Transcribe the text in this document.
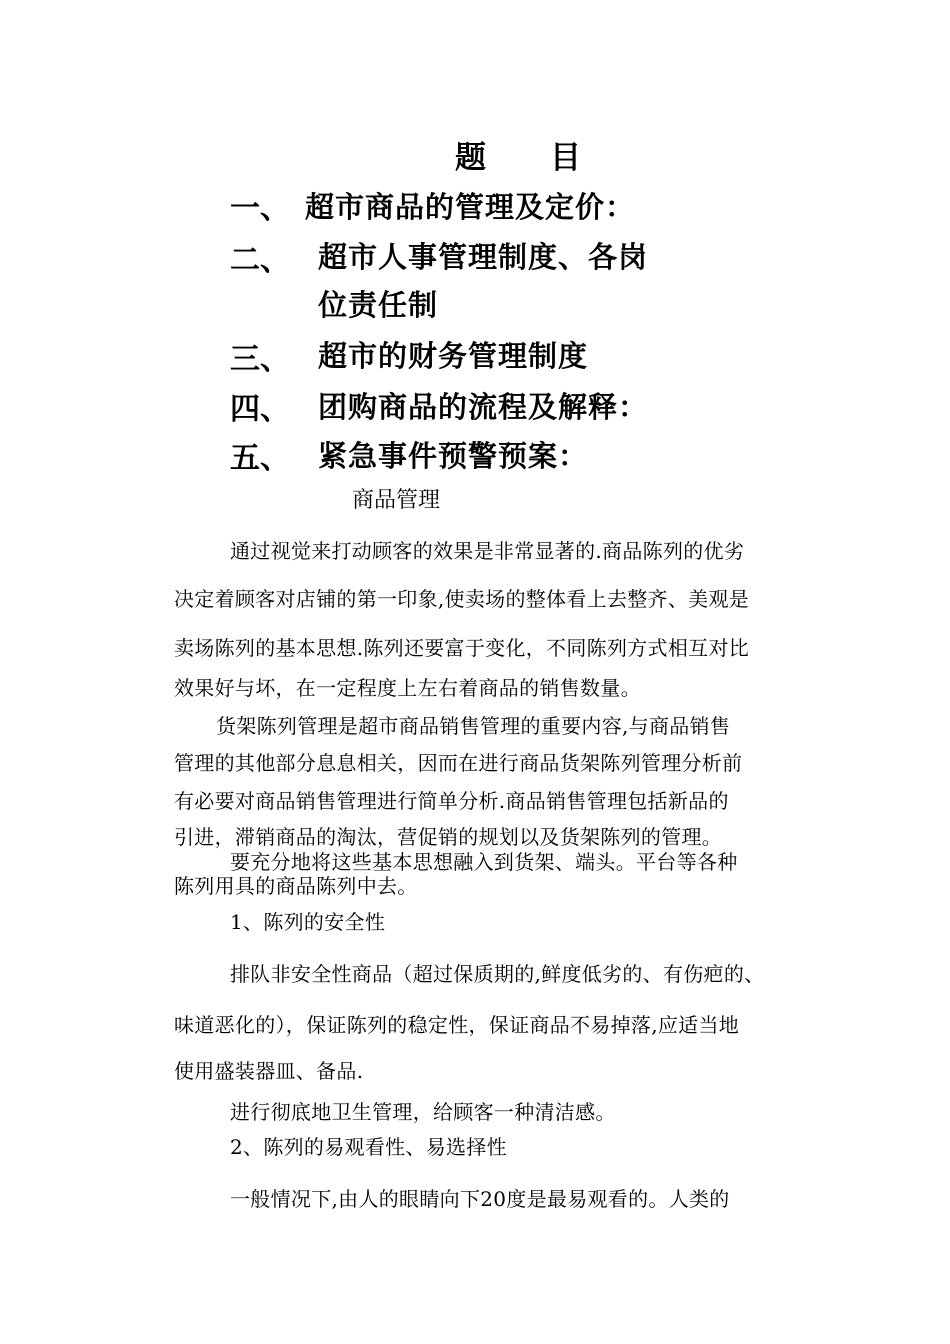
题 目
一、 超市商品的管理及定价：
二、 超市人事管理制度、各岗
位责任制
三、 超市的财务管理制度
四、 团购商品的流程及解释：
五、 紧急事件预警预案：
商品管理
通过视觉来打动顾客的效果是非常显著的.商品陈列的优劣
决定着顾客对店铺的第一印象,使卖场的整体看上去整齐、美观是
卖场陈列的基本思想.陈列还要富于变化，不同陈列方式相互对比
效果好与坏，在一定程度上左右着商品的销售数量。
货架陈列管理是超市商品销售管理的重要内容,与商品销售
管理的其他部分息息相关，因而在进行商品货架陈列管理分析前
有必要对商品销售管理进行简单分析.商品销售管理包括新品的
引进，滞销商品的淘汰，营促销的规划以及货架陈列的管理。
要充分地将这些基本思想融入到货架、端头。平台等各种
陈列用具的商品陈列中去。
1、陈列的安全性
排队非安全性商品（超过保质期的,鲜度低劣的、有伤疤的、
味道恶化的），保证陈列的稳定性，保证商品不易掉落,应适当地
使用盛装器皿、备品.
进行彻底地卫生管理，给顾客一种清洁感。
2、陈列的易观看性、易选择性
一般情况下,由人的眼睛向下20度是最易观看的。人类的
